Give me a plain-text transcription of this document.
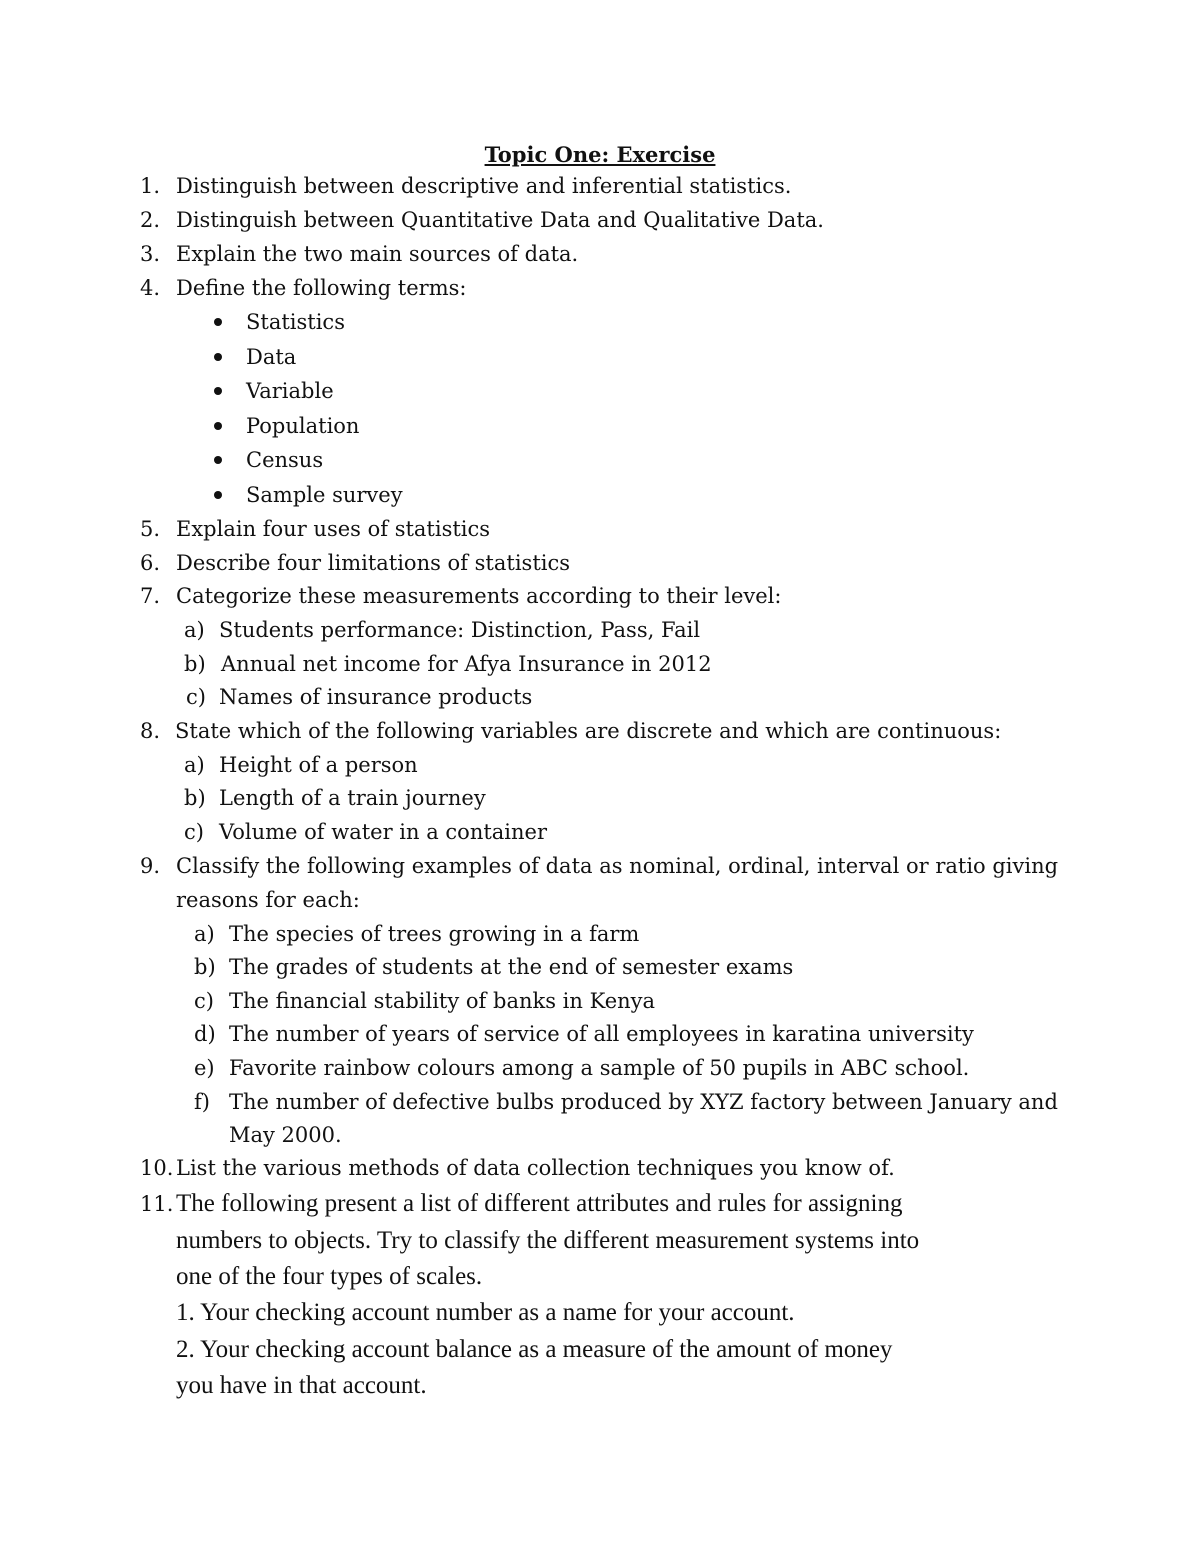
Topic One: Exercise
1. Distinguish between descriptive and inferential statistics.
2. Distinguish between Quantitative Data and Qualitative Data.
3. Explain the two main sources of data.
4. Define the following terms:
Statistics
Data
Variable
Population
Census
Sample survey
5. Explain four uses of statistics
6. Describe four limitations of statistics
7. Categorize these measurements according to their level:
a) Students performance: Distinction, Pass, Fail
b) Annual net income for Afya Insurance in 2012
c) Names of insurance products
8. State which of the following variables are discrete and which are continuous:
a) Height of a person
b) Length of a train journey
c) Volume of water in a container
9. Classify the following examples of data as nominal, ordinal, interval or ratio giving
reasons for each:
a) The species of trees growing in a farm
b) The grades of students at the end of semester exams
c) The financial stability of banks in Kenya
d) The number of years of service of all employees in karatina university
e) Favorite rainbow colours among a sample of 50 pupils in ABC school.
f) The number of defective bulbs produced by XYZ factory between January and
May 2000.
10. List the various methods of data collection techniques you know of.
11. The following present a list of different attributes and rules for assigning
numbers to objects. Try to classify the different measurement systems into
one of the four types of scales.
1. Your checking account number as a name for your account.
2. Your checking account balance as a measure of the amount of money
you have in that account.
